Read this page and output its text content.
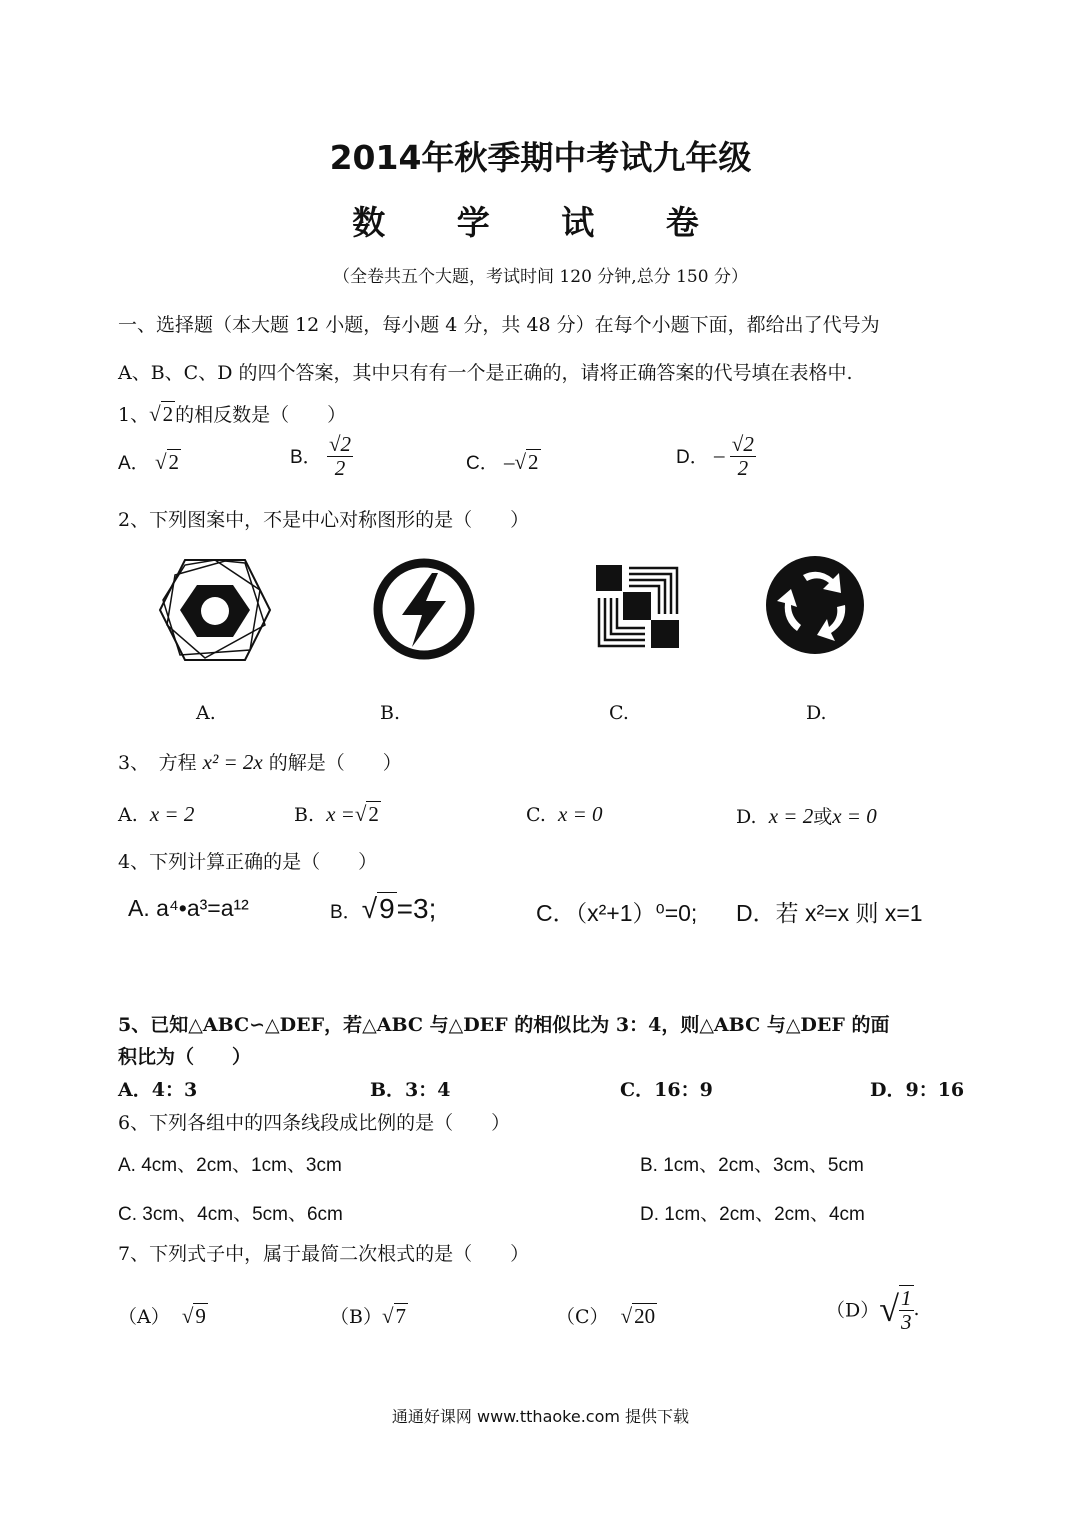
2014年秋季期中考试九年级
数 学 试 卷
（全卷共五个大题，考试时间 120 分钟,总分 150 分）
一、选择题（本大题 12 小题，每小题 4 分，共 48 分）在每个小题下面，都给出了代号为
A、B、C、D 的四个答案，其中只有有一个是正确的，请将正确答案的代号填在表格中.
1、√2 的相反数是（　　）
A． √2	B． $\frac{√2}{2}$	C． –√2	D． – $\frac{√2}{2}$
2、下列图案中，不是中心对称图形的是（　　）
A.	B.	C.	D.
3、　方程 x² = 2x 的解是（　　）
A. x = 2	B. x =√2	C. x = 0	D. x = 2或x = 0
4、下列计算正确的是（　　）
A. a⁴•a³=a¹²	B．√9=3;	C．（x²+1）⁰=0; D．若 x²=x 则 x=1
5、已知△ABC∽△DEF，若△ABC 与△DEF 的相似比为 3：4，则△ABC 与△DEF 的面
积比为（　　）
A．4：3	B．3：4	C．16：9	D．9：16
6、下列各组中的四条线段成比例的是（　　）
A. 4cm、2cm、1cm、3cm	B. 1cm、2cm、3cm、5cm
C. 3cm、4cm、5cm、6cm	D. 1cm、2cm、2cm、4cm
7、下列式子中，属于最简二次根式的是（　　）
（A） √9	（B）√7	（C） √20	$(D)√ \frac{1}{3}$ .
通通好课网 www.tthaoke.com 提供下载
